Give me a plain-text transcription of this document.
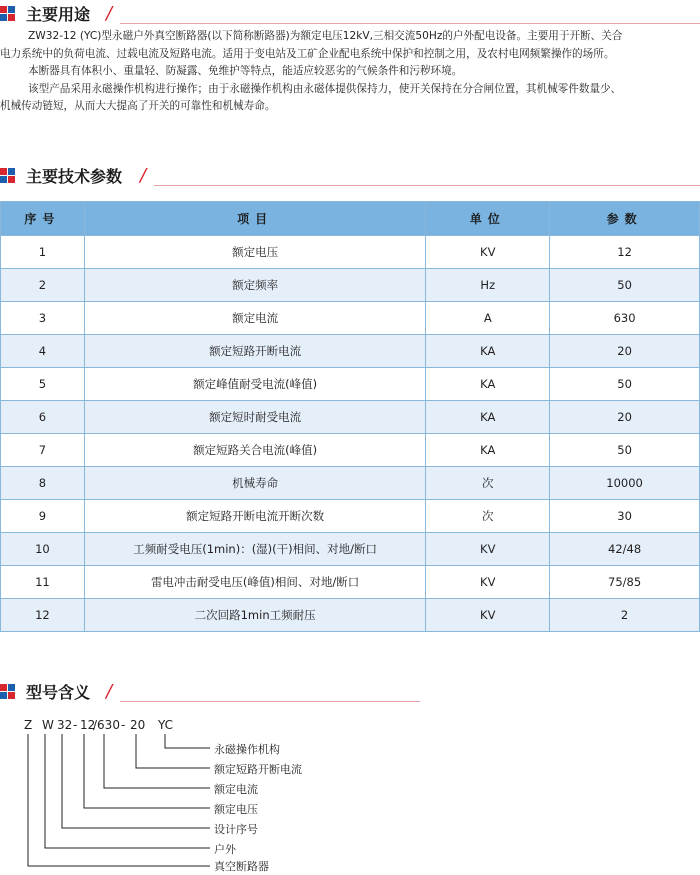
主要用途 /

ZW32-12 (YC)型永磁户外真空断路器(以下简称断路器)为额定电压12kV,三相交流50Hz的户外配电设备。主要用于开断、关合

电力系统中的负荷电流、过载电流及短路电流。适用于变电站及工矿企业配电系统中保护和控制之用，及农村电网频繁操作的场所。

本断器具有体积小、重量轻、防凝露、免维护等特点，能适应较恶劣的气候条件和污秽环境。

该型产品采用永磁操作机构进行操作；由于永磁操作机构由永磁体提供保持力，使开关保持在分合闸位置，其机械零件数量少、

机械传动链短，从而大大提高了开关的可靠性和机械寿命。

主要技术参数 /
序号	项目	单位	参数
1	额定电压	KV	12
2	额定频率	Hz	50
3	额定电流	A	630
4	额定短路开断电流	KA	20
5	额定峰值耐受电流(峰值)	KA	50
6	额定短时耐受电流	KA	20
7	额定短路关合电流(峰值)	KA	50
8	机械寿命	次	10000
9	额定短路开断电流开断次数	次	30
10	工频耐受电压(1min)：(湿)(干)相间、对地/断口	KV	42/48
11	雷电冲击耐受电压(峰值)相间、对地/断口	KV	75/85
12	二次回路1min工频耐压	KV	2
型号含义 /
Z W 32 - 12
/630 - 20 YC
永磁操作机构
额定短路开断电流
额定电流
额定电压
设计序号
户外
真空断路器
